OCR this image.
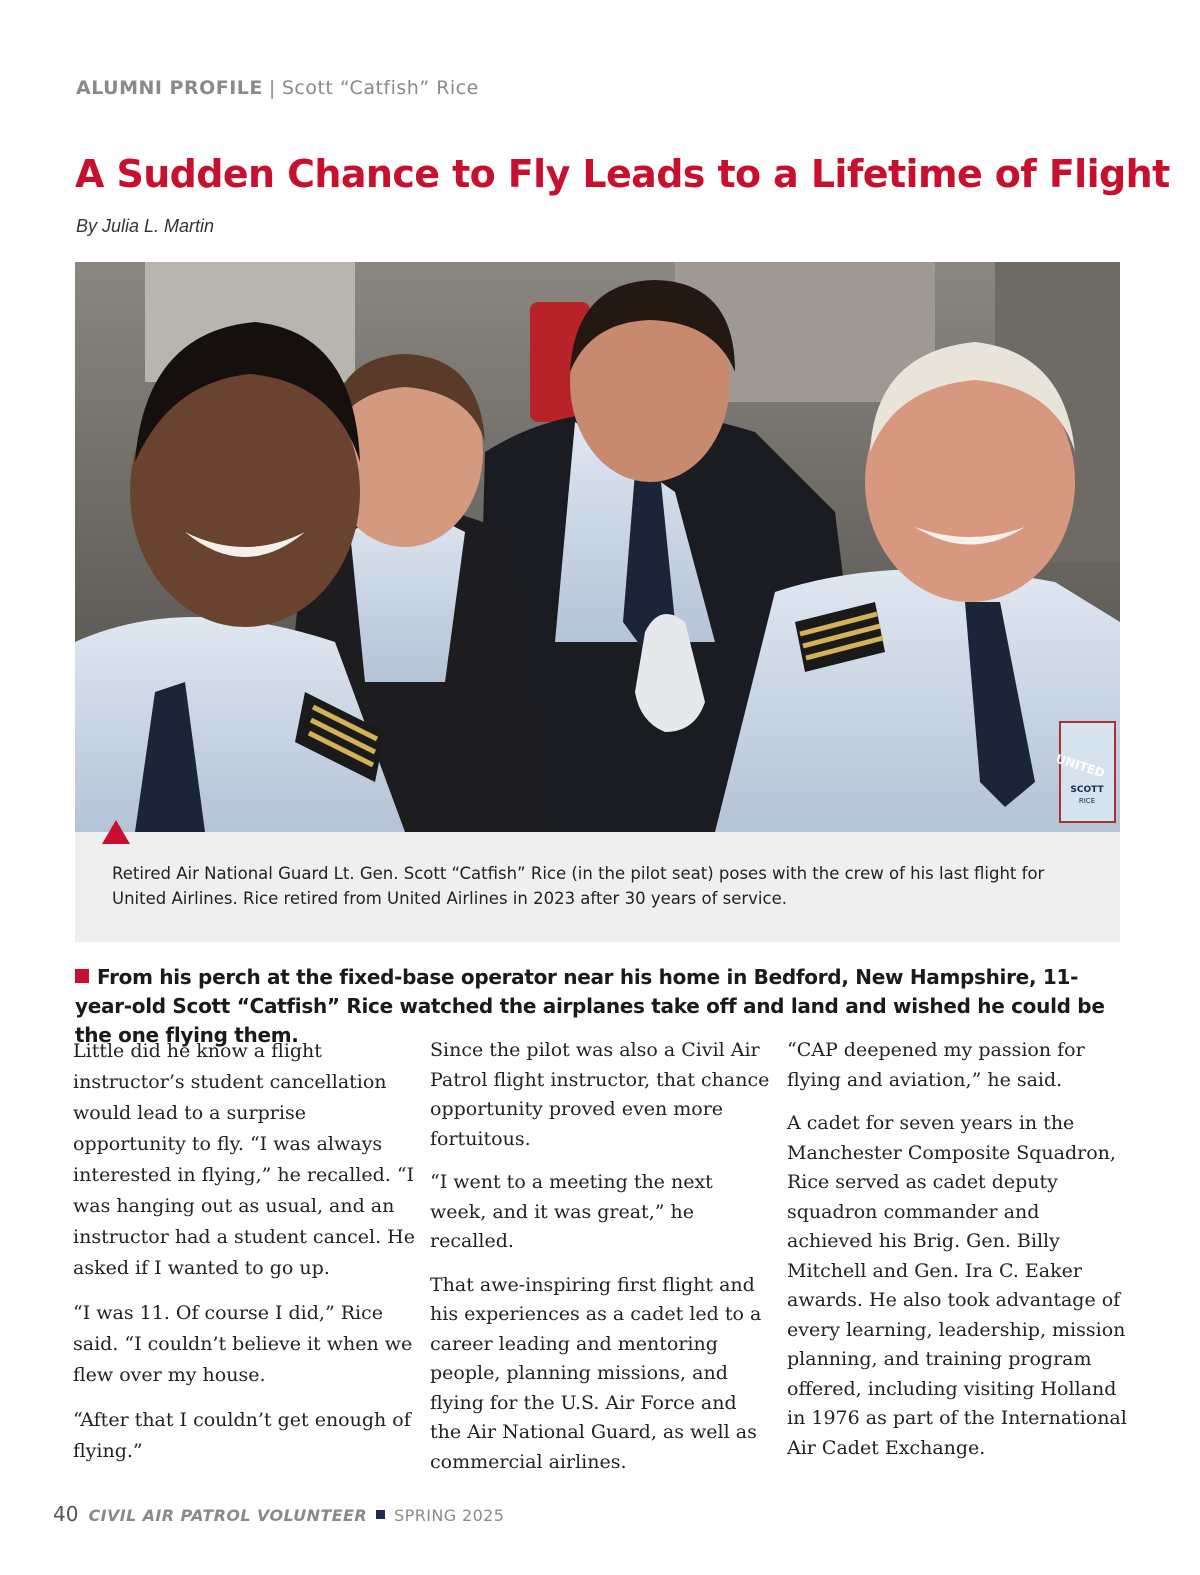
ALUMNI PROFILE | Scott “Catfish” Rice
A Sudden Chance to Fly Leads to a Lifetime of Flight
By Julia L. Martin
SCOTT
RICE
UNITED
Retired Air National Guard Lt. Gen. Scott “Catfish” Rice (in the pilot seat) poses with the crew of his last flight for United Airlines. Rice retired from United Airlines in 2023 after 30 years of service.

From his perch at the fixed-base operator near his home in Bedford, New Hampshire, 11-year-old Scott “Catfish” Rice watched the airplanes take off and land and wished he could be the one flying them.

Little did he know a flight instructor’s student cancellation would lead to a surprise opportunity to fly. “I was always interested in flying,” he recalled. “I was hanging out as usual, and an instructor had a student cancel. He asked if I wanted to go up.

“I was 11. Of course I did,” Rice said. “I couldn’t believe it when we flew over my house.

“After that I couldn’t get enough of flying.”

Since the pilot was also a Civil Air Patrol flight instructor, that chance opportunity proved even more fortuitous.

“I went to a meeting the next week, and it was great,” he recalled.

That awe-inspiring first flight and his experiences as a cadet led to a career leading and mentoring people, planning missions, and flying for the U.S. Air Force and the Air National Guard, as well as commercial airlines.

“CAP deepened my passion for flying and aviation,” he said.

A cadet for seven years in the Manchester Composite Squadron, Rice served as cadet deputy squadron commander and achieved his Brig. Gen. Billy Mitchell and Gen. Ira C. Eaker awards. He also took advantage of every learning, leadership, mission planning, and training program offered, including visiting Holland in 1976 as part of the International Air Cadet Exchange.

40 CIVIL AIR PATROL VOLUNTEER SPRING 2025
